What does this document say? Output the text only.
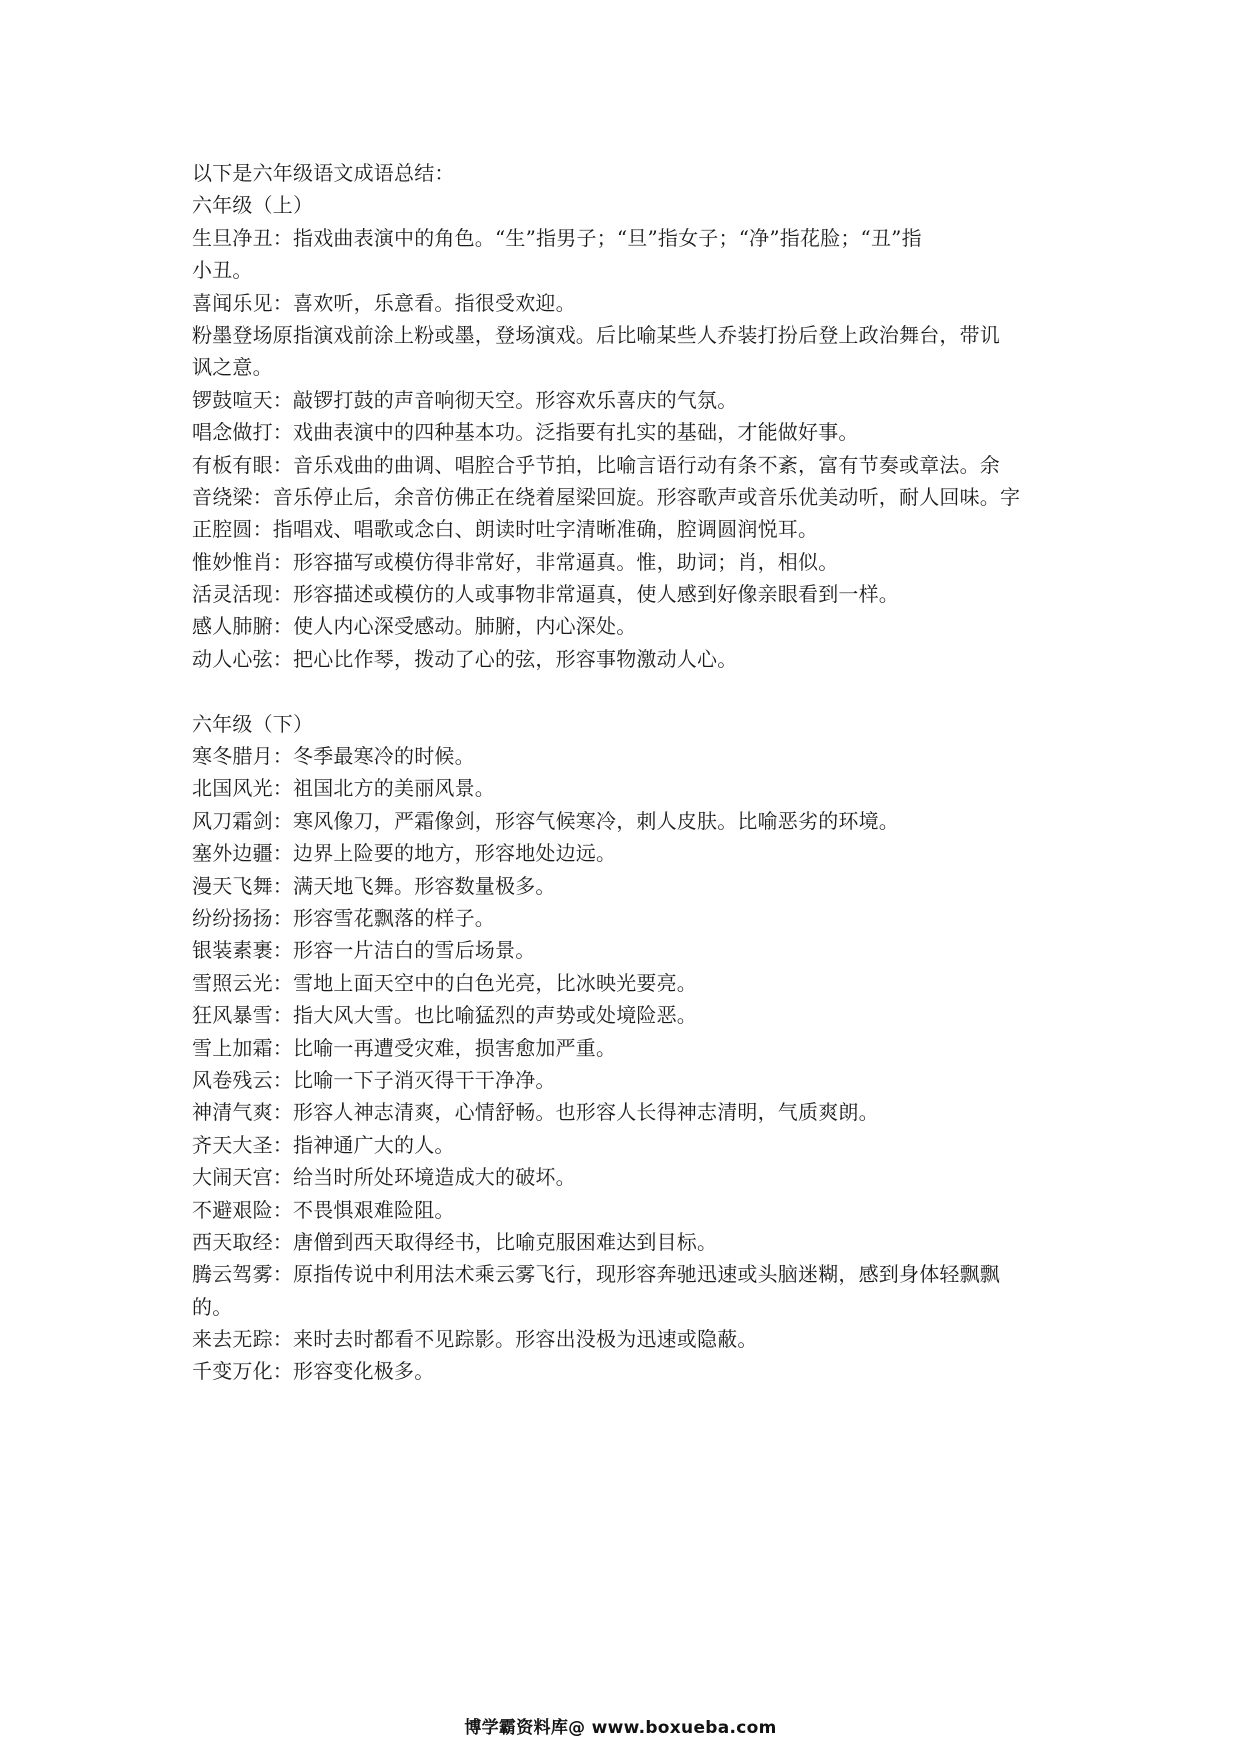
以下是六年级语文成语总结：
六年级（上）
生旦净丑：指戏曲表演中的角色。“生”指男子；“旦”指女子；“净”指花脸；“丑”指
小丑。
喜闻乐见：喜欢听，乐意看。指很受欢迎。
粉墨登场原指演戏前涂上粉或墨，登场演戏。后比喻某些人乔装打扮后登上政治舞台，带讥
讽之意。
锣鼓喧天：敲锣打鼓的声音响彻天空。形容欢乐喜庆的气氛。
唱念做打：戏曲表演中的四种基本功。泛指要有扎实的基础，才能做好事。
有板有眼：音乐戏曲的曲调、唱腔合乎节拍，比喻言语行动有条不紊，富有节奏或章法。余
音绕梁：音乐停止后，余音仿佛正在绕着屋梁回旋。形容歌声或音乐优美动听，耐人回味。字
正腔圆：指唱戏、唱歌或念白、朗读时吐字清晰准确，腔调圆润悦耳。
惟妙惟肖：形容描写或模仿得非常好，非常逼真。惟，助词；肖，相似。
活灵活现：形容描述或模仿的人或事物非常逼真，使人感到好像亲眼看到一样。
感人肺腑：使人内心深受感动。肺腑，内心深处。
动人心弦：把心比作琴，拨动了心的弦，形容事物激动人心。
六年级（下）
寒冬腊月：冬季最寒冷的时候。
北国风光：祖国北方的美丽风景。
风刀霜剑：寒风像刀，严霜像剑，形容气候寒冷，刺人皮肤。比喻恶劣的环境。
塞外边疆：边界上险要的地方，形容地处边远。
漫天飞舞：满天地飞舞。形容数量极多。
纷纷扬扬：形容雪花飘落的样子。
银装素裹：形容一片洁白的雪后场景。
雪照云光：雪地上面天空中的白色光亮，比冰映光要亮。
狂风暴雪：指大风大雪。也比喻猛烈的声势或处境险恶。
雪上加霜：比喻一再遭受灾难，损害愈加严重。
风卷残云：比喻一下子消灭得干干净净。
神清气爽：形容人神志清爽，心情舒畅。也形容人长得神志清明，气质爽朗。
齐天大圣：指神通广大的人。
大闹天宫：给当时所处环境造成大的破坏。
不避艰险：不畏惧艰难险阻。
西天取经：唐僧到西天取得经书，比喻克服困难达到目标。
腾云驾雾：原指传说中利用法术乘云雾飞行，现形容奔驰迅速或头脑迷糊，感到身体轻飘飘
的。
来去无踪：来时去时都看不见踪影。形容出没极为迅速或隐蔽。
千变万化：形容变化极多。
博学霸资料库@ www.boxueba.com
